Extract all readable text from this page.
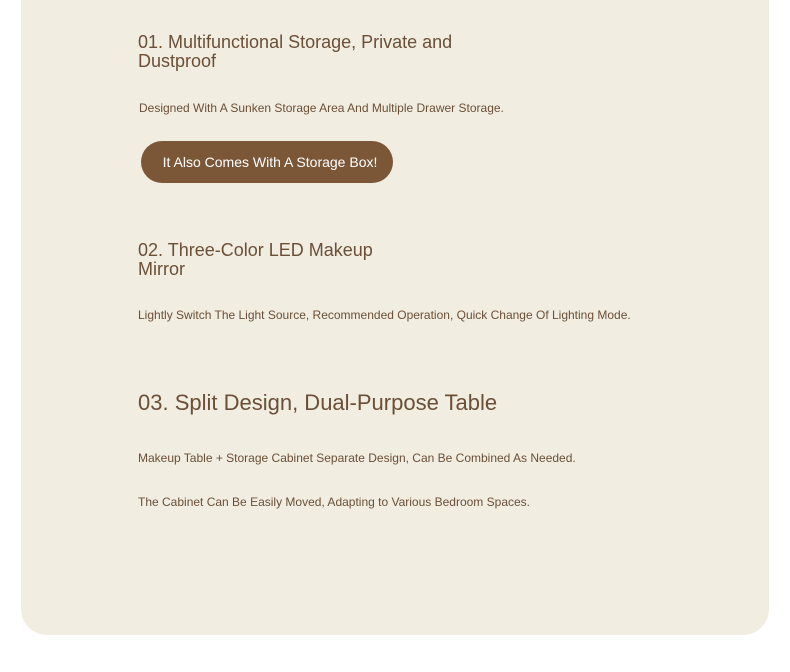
01. Multifunctional Storage, Private and Dustproof

Designed With A Sunken Storage Area And Multiple Drawer Storage.

It Also Comes With A Storage Box!
02. Three-Color LED Makeup Mirror

Lightly Switch The Light Source, Recommended Operation, Quick Change Of Lighting Mode.

03. Split Design, Dual-Purpose Table

Makeup Table + Storage Cabinet Separate Design, Can Be Combined As Needed.

The Cabinet Can Be Easily Moved, Adapting to Various Bedroom Spaces.
